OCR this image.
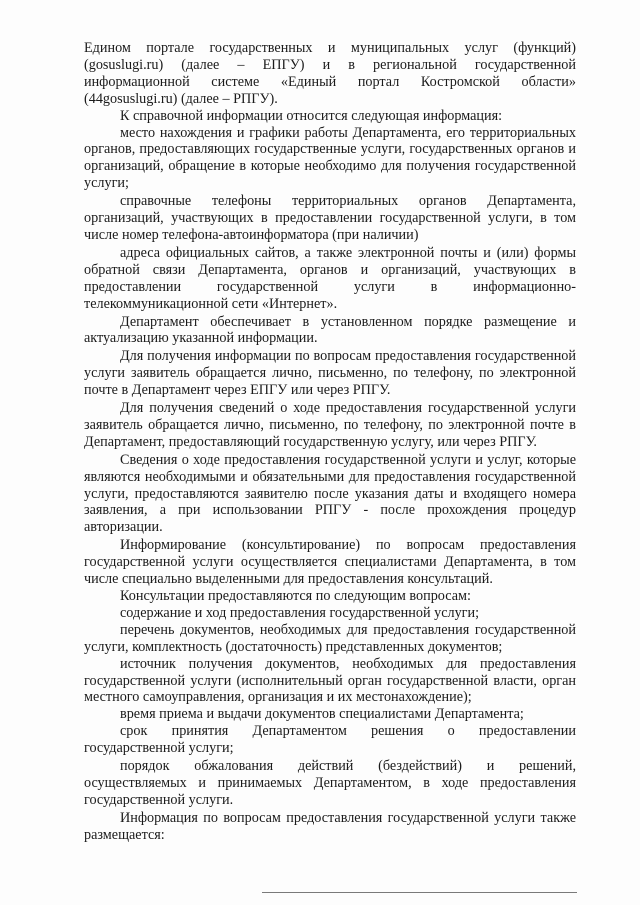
Едином портале государственных и муниципальных услуг (функций) (gosuslugi.ru) (далее – ЕПГУ) и в региональной государственной информационной системе «Единый портал Костромской области» (44gosuslugi.ru) (далее – РПГУ).

К справочной информации относится следующая информация:

место нахождения и графики работы Департамента, его территориальных органов, предоставляющих государственные услуги, государственных органов и организаций, обращение в которые необходимо для получения государственной услуги;

справочные телефоны территориальных органов Департамента, организаций, участвующих в предоставлении государственной услуги, в том числе номер телефона-автоинформатора (при наличии)

адреса официальных сайтов, а также электронной почты и (или) формы обратной связи Департамента, органов и организаций, участвующих в предоставлении государственной услуги в информационно-телекоммуникационной сети «Интернет».

Департамент обеспечивает в установленном порядке размещение и актуализацию указанной информации.

Для получения информации по вопросам предоставления государственной услуги заявитель обращается лично, письменно, по телефону, по электронной почте в Департамент через ЕПГУ или через РПГУ.

Для получения сведений о ходе предоставления государственной услуги заявитель обращается лично, письменно, по телефону, по электронной почте в Департамент, предоставляющий государственную услугу, или через РПГУ.

Сведения о ходе предоставления государственной услуги и услуг, которые являются необходимыми и обязательными для предоставления государственной услуги, предоставляются заявителю после указания даты и входящего номера заявления, а при использовании РПГУ - после прохождения процедур авторизации.

Информирование (консультирование) по вопросам предоставления государственной услуги осуществляется специалистами Департамента, в том числе специально выделенными для предоставления консультаций.

Консультации предоставляются по следующим вопросам:

содержание и ход предоставления государственной услуги;

перечень документов, необходимых для предоставления государственной услуги, комплектность (достаточность) представленных документов;

источник получения документов, необходимых для предоставления государственной услуги (исполнительный орган государственной власти, орган местного самоуправления, организация и их местонахождение);

время приема и выдачи документов специалистами Департамента;

срок принятия Департаментом решения о предоставлении государственной услуги;

порядок обжалования действий (бездействий) и решений, осуществляемых и принимаемых Департаментом, в ходе предоставления государственной услуги.

Информация по вопросам предоставления государственной услуги также размещается:
